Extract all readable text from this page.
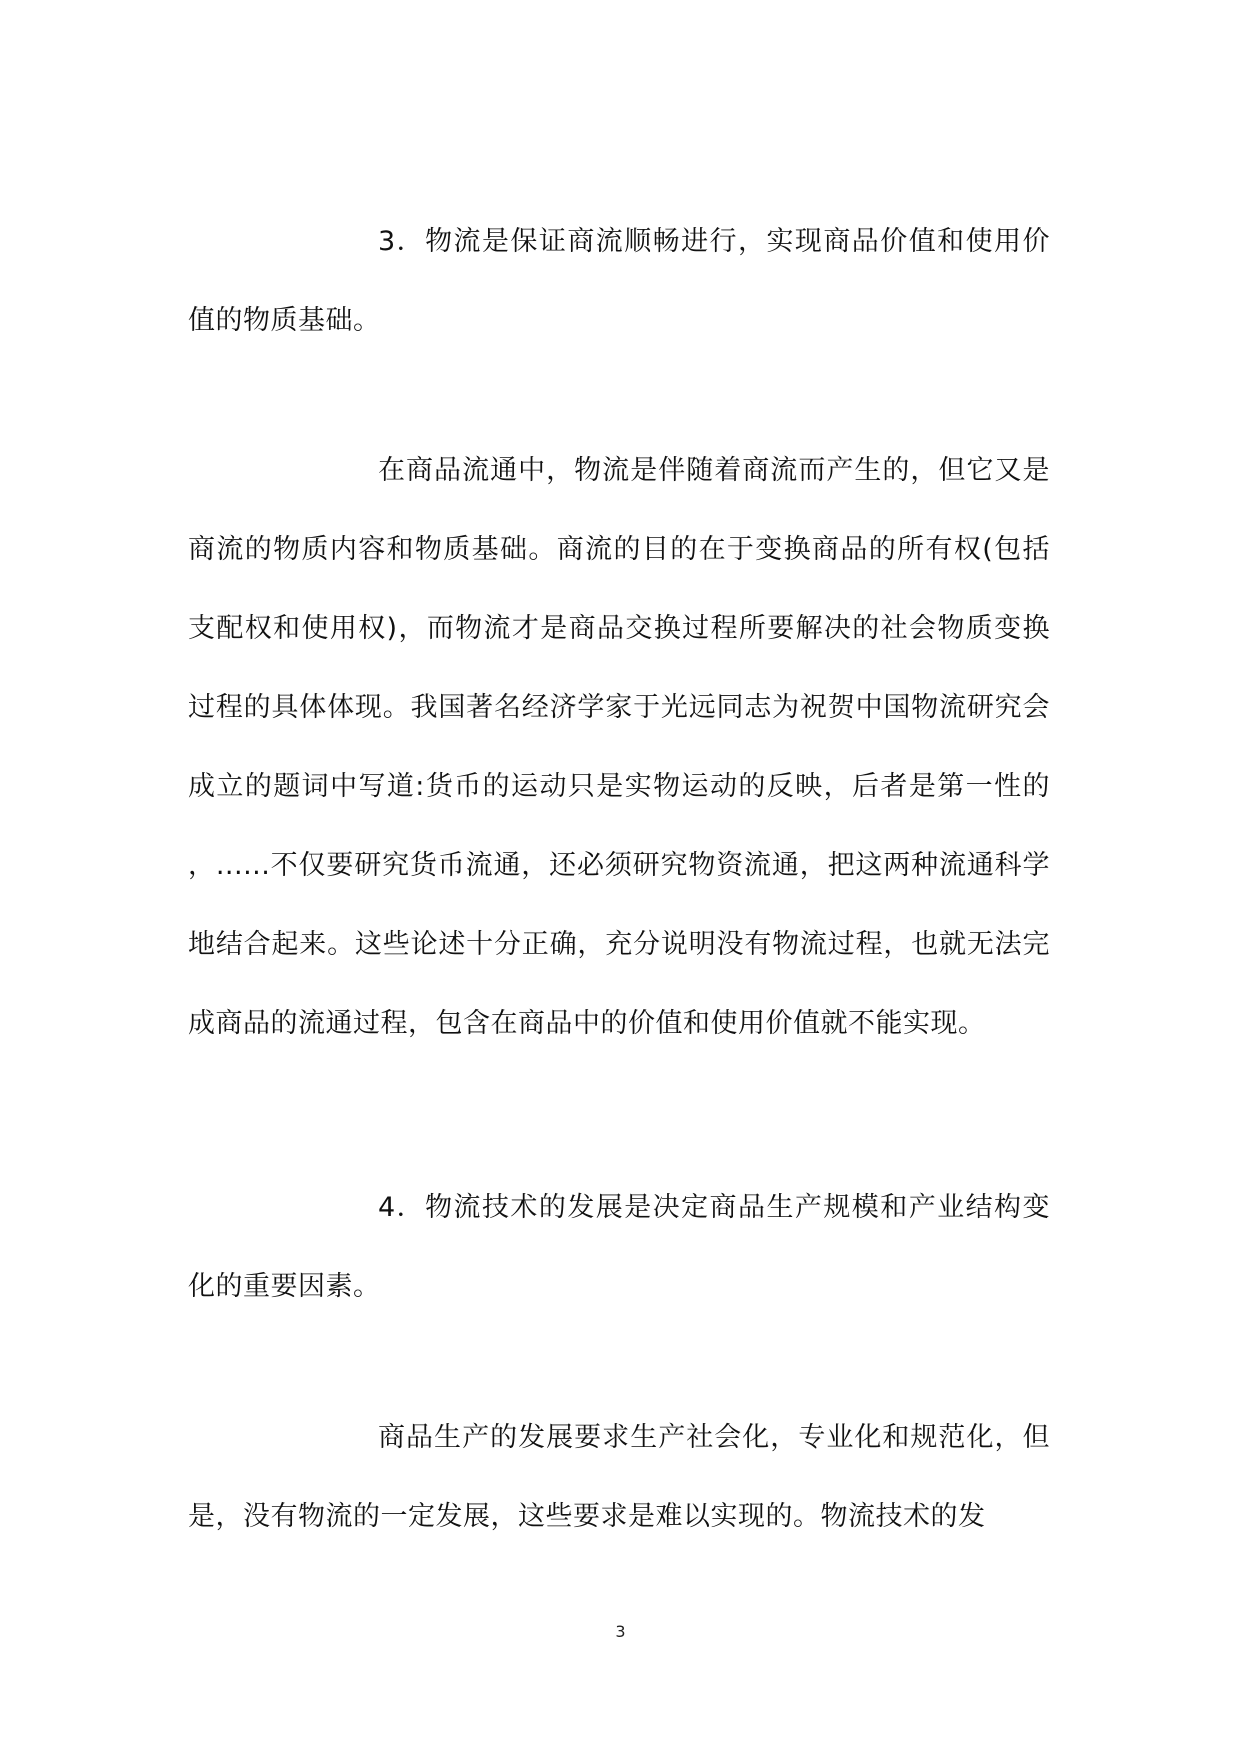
3．物流是保证商流顺畅进行，实现商品价值和使用价值的物质基础。

在商品流通中，物流是伴随着商流而产生的，但它又是商流的物质内容和物质基础。商流的目的在于变换商品的所有权(包括支配权和使用权)，而物流才是商品交换过程所要解决的社会物质变换过程的具体体现。我国著名经济学家于光远同志为祝贺中国物流研究会成立的题词中写道:货币的运动只是实物运动的反映，后者是第一性的，......不仅要研究货币流通，还必须研究物资流通，把这两种流通科学地结合起来。这些论述十分正确，充分说明没有物流过程，也就无法完成商品的流通过程，包含在商品中的价值和使用价值就不能实现。

4．物流技术的发展是决定商品生产规模和产业结构变化的重要因素。

商品生产的发展要求生产社会化，专业化和规范化，但是，没有物流的一定发展，这些要求是难以实现的。物流技术的发

3
